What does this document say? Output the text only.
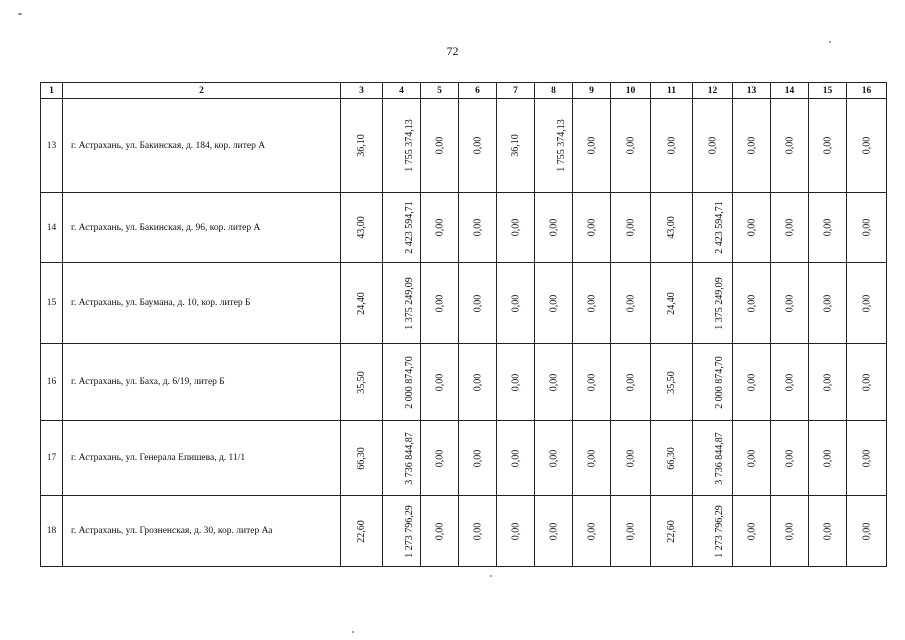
72
1	2	3	4	5	6	7	8	9	10	11	12	13	14	15	16
13	г. Астрахань, ул. Бакинская, д. 184, кор. литер А	36,10	1 755 374,13	0,00	0,00	36,10	1 755 374,13	0,00	0,00	0,00	0,00	0,00	0,00	0,00	0,00
14	г. Астрахань, ул. Бакинская, д. 96, кор. литер А	43,00	2 423 594,71	0,00	0,00	0,00	0,00	0,00	0,00	43,00	2 423 594,71	0,00	0,00	0,00	0,00
15	г. Астрахань, ул. Баумана, д. 10, кор. литер Б	24,40	1 375 249,09	0,00	0,00	0,00	0,00	0,00	0,00	24,40	1 375 249,09	0,00	0,00	0,00	0,00
16	г. Астрахань, ул. Баха, д. 6/19, литер Б	35,50	2 000 874,70	0,00	0,00	0,00	0,00	0,00	0,00	35,50	2 000 874,70	0,00	0,00	0,00	0,00
17	г. Астрахань, ул. Генерала Епишева, д. 11/1	66,30	3 736 844,87	0,00	0,00	0,00	0,00	0,00	0,00	66,30	3 736 844,87	0,00	0,00	0,00	0,00
18	г. Астрахань, ул. Грозненская, д. 30, кор. литер Аа	22,60	1 273 796,29	0,00	0,00	0,00	0,00	0,00	0,00	22,60	1 273 796,29	0,00	0,00	0,00	0,00
